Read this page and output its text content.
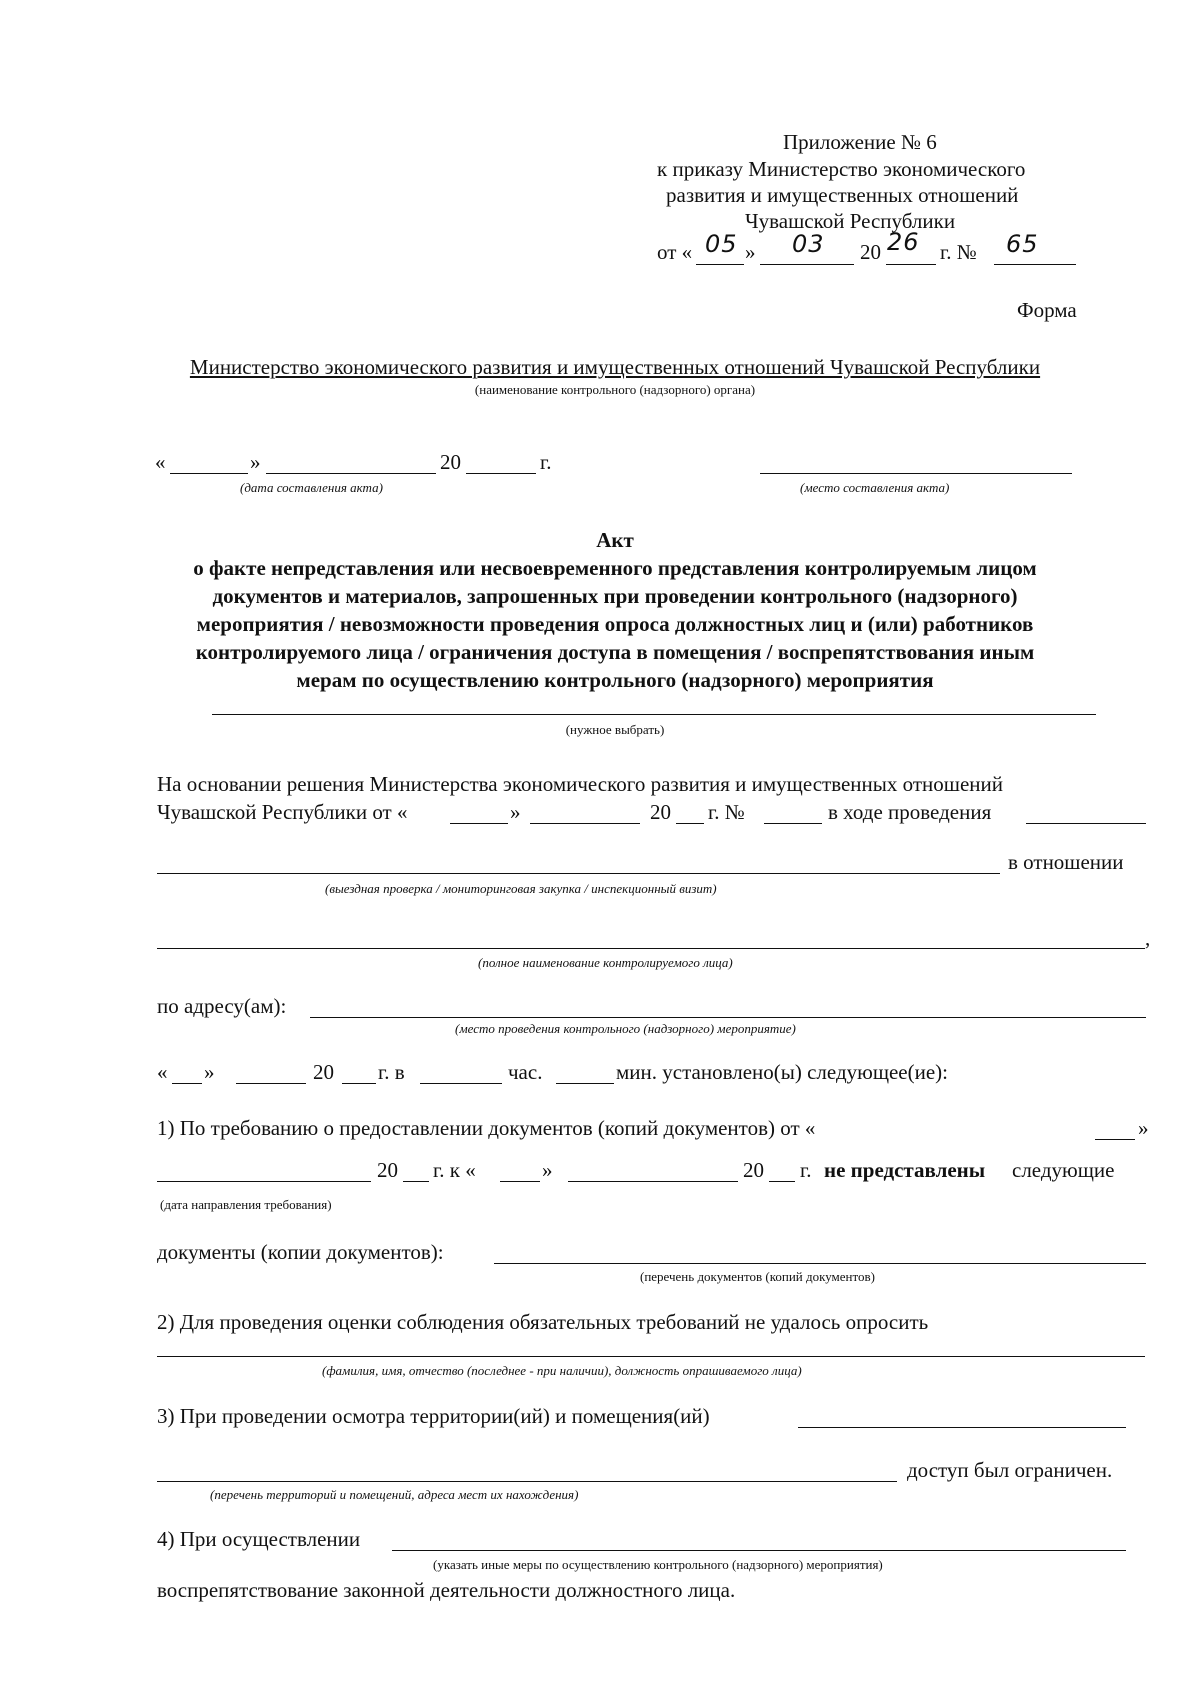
Приложение № 6
к приказу Министерство экономического
развития и имущественных отношений
Чувашской Республики
от « 05 » 03 20 26 г. № 65
Форма
Министерство экономического развития и имущественных отношений Чувашской Республики
(наименование контрольного (надзорного) органа)
«	»	20	г.
(дата составления акта)	(место составления акта)
Акт
о факте непредставления или несвоевременного представления контролируемым лицом
документов и материалов, запрошенных при проведении контрольного (надзорного)
мероприятия / невозможности проведения опроса должностных лиц и (или) работников
контролируемого лица / ограничения доступа в помещения / воспрепятствования иным
мерам по осуществлению контрольного (надзорного) мероприятия
(нужное выбрать)
На основании решения Министерства экономического развития и имущественных отношений
Чувашской Республики от «	»	20 г. №	в ходе проведения
в отношении
(выездная проверка / мониторинговая закупка / инспекционный визит)
,
(полное наименование контролируемого лица)
по адресу(ам):
(место проведения контрольного (надзорного) мероприятие)
« »	20 г. в	час.	мин. установлено(ы) следующее(ие):
1) По требованию о предоставлении документов (копий документов) от «	»
20 г. к «	»	20 г. не представлены следующие
(дата направления требования)
документы (копии документов):
(перечень документов (копий документов)
2) Для проведения оценки соблюдения обязательных требований не удалось опросить
(фамилия, имя, отчество (последнее - при наличии), должность опрашиваемого лица)
3) При проведении осмотра территории(ий) и помещения(ий)
доступ был ограничен.
(перечень территорий и помещений, адреса мест их нахождения)
4) При осуществлении
(указать иные меры по осуществлению контрольного (надзорного) мероприятия)
воспрепятствование законной деятельности должностного лица.
